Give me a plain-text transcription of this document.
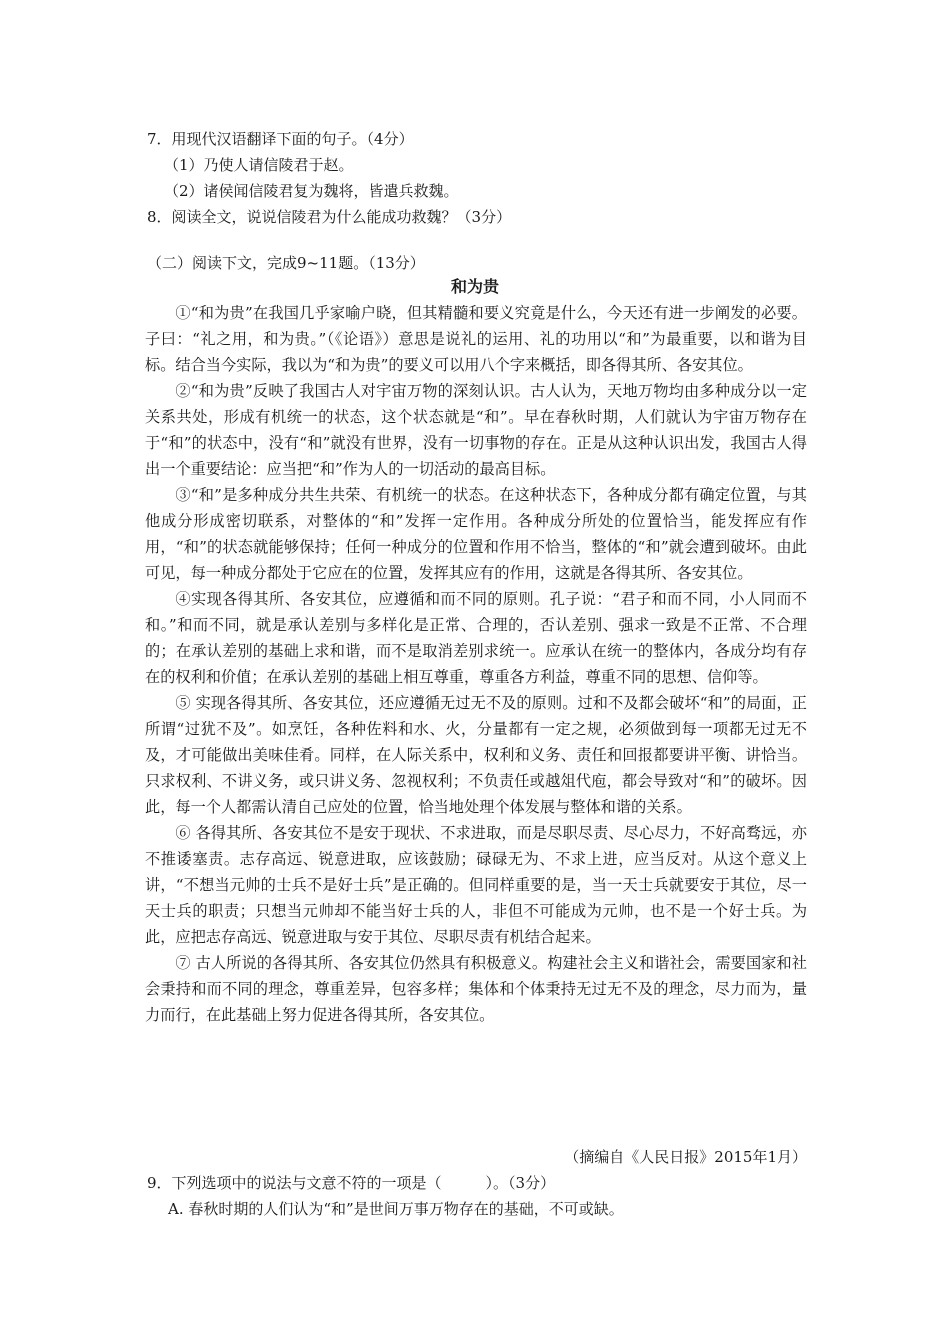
7．用现代汉语翻译下面的句子。（4分）
（1）乃使人请信陵君于赵。
（2）诸侯闻信陵君复为魏将，皆遣兵救魏。
8．阅读全文，说说信陵君为什么能成功救魏？（3分）
（二）阅读下文，完成9~11题。（13分）
和为贵

①“和为贵”在我国几乎家喻户晓，但其精髓和要义究竟是什么，今天还有进一步阐发的必要。子曰：“礼之用，和为贵。”（《论语》）意思是说礼的运用、礼的功用以“和”为最重要，以和谐为目标。结合当今实际，我以为“和为贵”的要义可以用八个字来概括，即各得其所、各安其位。

②“和为贵”反映了我国古人对宇宙万物的深刻认识。古人认为，天地万物均由多种成分以一定关系共处，形成有机统一的状态，这个状态就是“和”。早在春秋时期，人们就认为宇宙万物存在于“和”的状态中，没有“和”就没有世界，没有一切事物的存在。正是从这种认识出发，我国古人得出一个重要结论：应当把“和”作为人的一切活动的最高目标。

③“和”是多种成分共生共荣、有机统一的状态。在这种状态下，各种成分都有确定位置，与其他成分形成密切联系，对整体的“和”发挥一定作用。各种成分所处的位置恰当，能发挥应有作用，“和”的状态就能够保持；任何一种成分的位置和作用不恰当，整体的“和”就会遭到破坏。由此可见，每一种成分都处于它应在的位置，发挥其应有的作用，这就是各得其所、各安其位。

④实现各得其所、各安其位，应遵循和而不同的原则。孔子说：“君子和而不同，小人同而不和。”和而不同，就是承认差别与多样化是正常、合理的，否认差别、强求一致是不正常、不合理的；在承认差别的基础上求和谐，而不是取消差别求统一。应承认在统一的整体内，各成分均有存在的权利和价值；在承认差别的基础上相互尊重，尊重各方利益，尊重不同的思想、信仰等。

⑤ 实现各得其所、各安其位，还应遵循无过无不及的原则。过和不及都会破坏“和”的局面，正所谓“过犹不及”。如烹饪，各种佐料和水、火，分量都有一定之规，必须做到每一项都无过无不及，才可能做出美味佳肴。同样，在人际关系中，权利和义务、责任和回报都要讲平衡、讲恰当。只求权利、不讲义务，或只讲义务、忽视权利；不负责任或越俎代庖，都会导致对“和”的破坏。因此，每一个人都需认清自己应处的位置，恰当地处理个体发展与整体和谐的关系。

⑥ 各得其所、各安其位不是安于现状、不求进取，而是尽职尽责、尽心尽力，不好高骛远，亦不推诿塞责。志存高远、锐意进取，应该鼓励；碌碌无为、不求上进，应当反对。从这个意义上讲，“不想当元帅的士兵不是好士兵”是正确的。但同样重要的是，当一天士兵就要安于其位，尽一天士兵的职责；只想当元帅却不能当好士兵的人，非但不可能成为元帅，也不是一个好士兵。为此，应把志存高远、锐意进取与安于其位、尽职尽责有机结合起来。

⑦ 古人所说的各得其所、各安其位仍然具有积极意义。构建社会主义和谐社会，需要国家和社会秉持和而不同的理念，尊重差异，包容多样；集体和个体秉持无过无不及的理念，尽力而为，量力而行，在此基础上努力促进各得其所，各安其位。

（摘编自《人民日报》2015年1月）
9．下列选项中的说法与文意不符的一项是（	）。（3分）
A. 春秋时期的人们认为“和”是世间万事万物存在的基础，不可或缺。
